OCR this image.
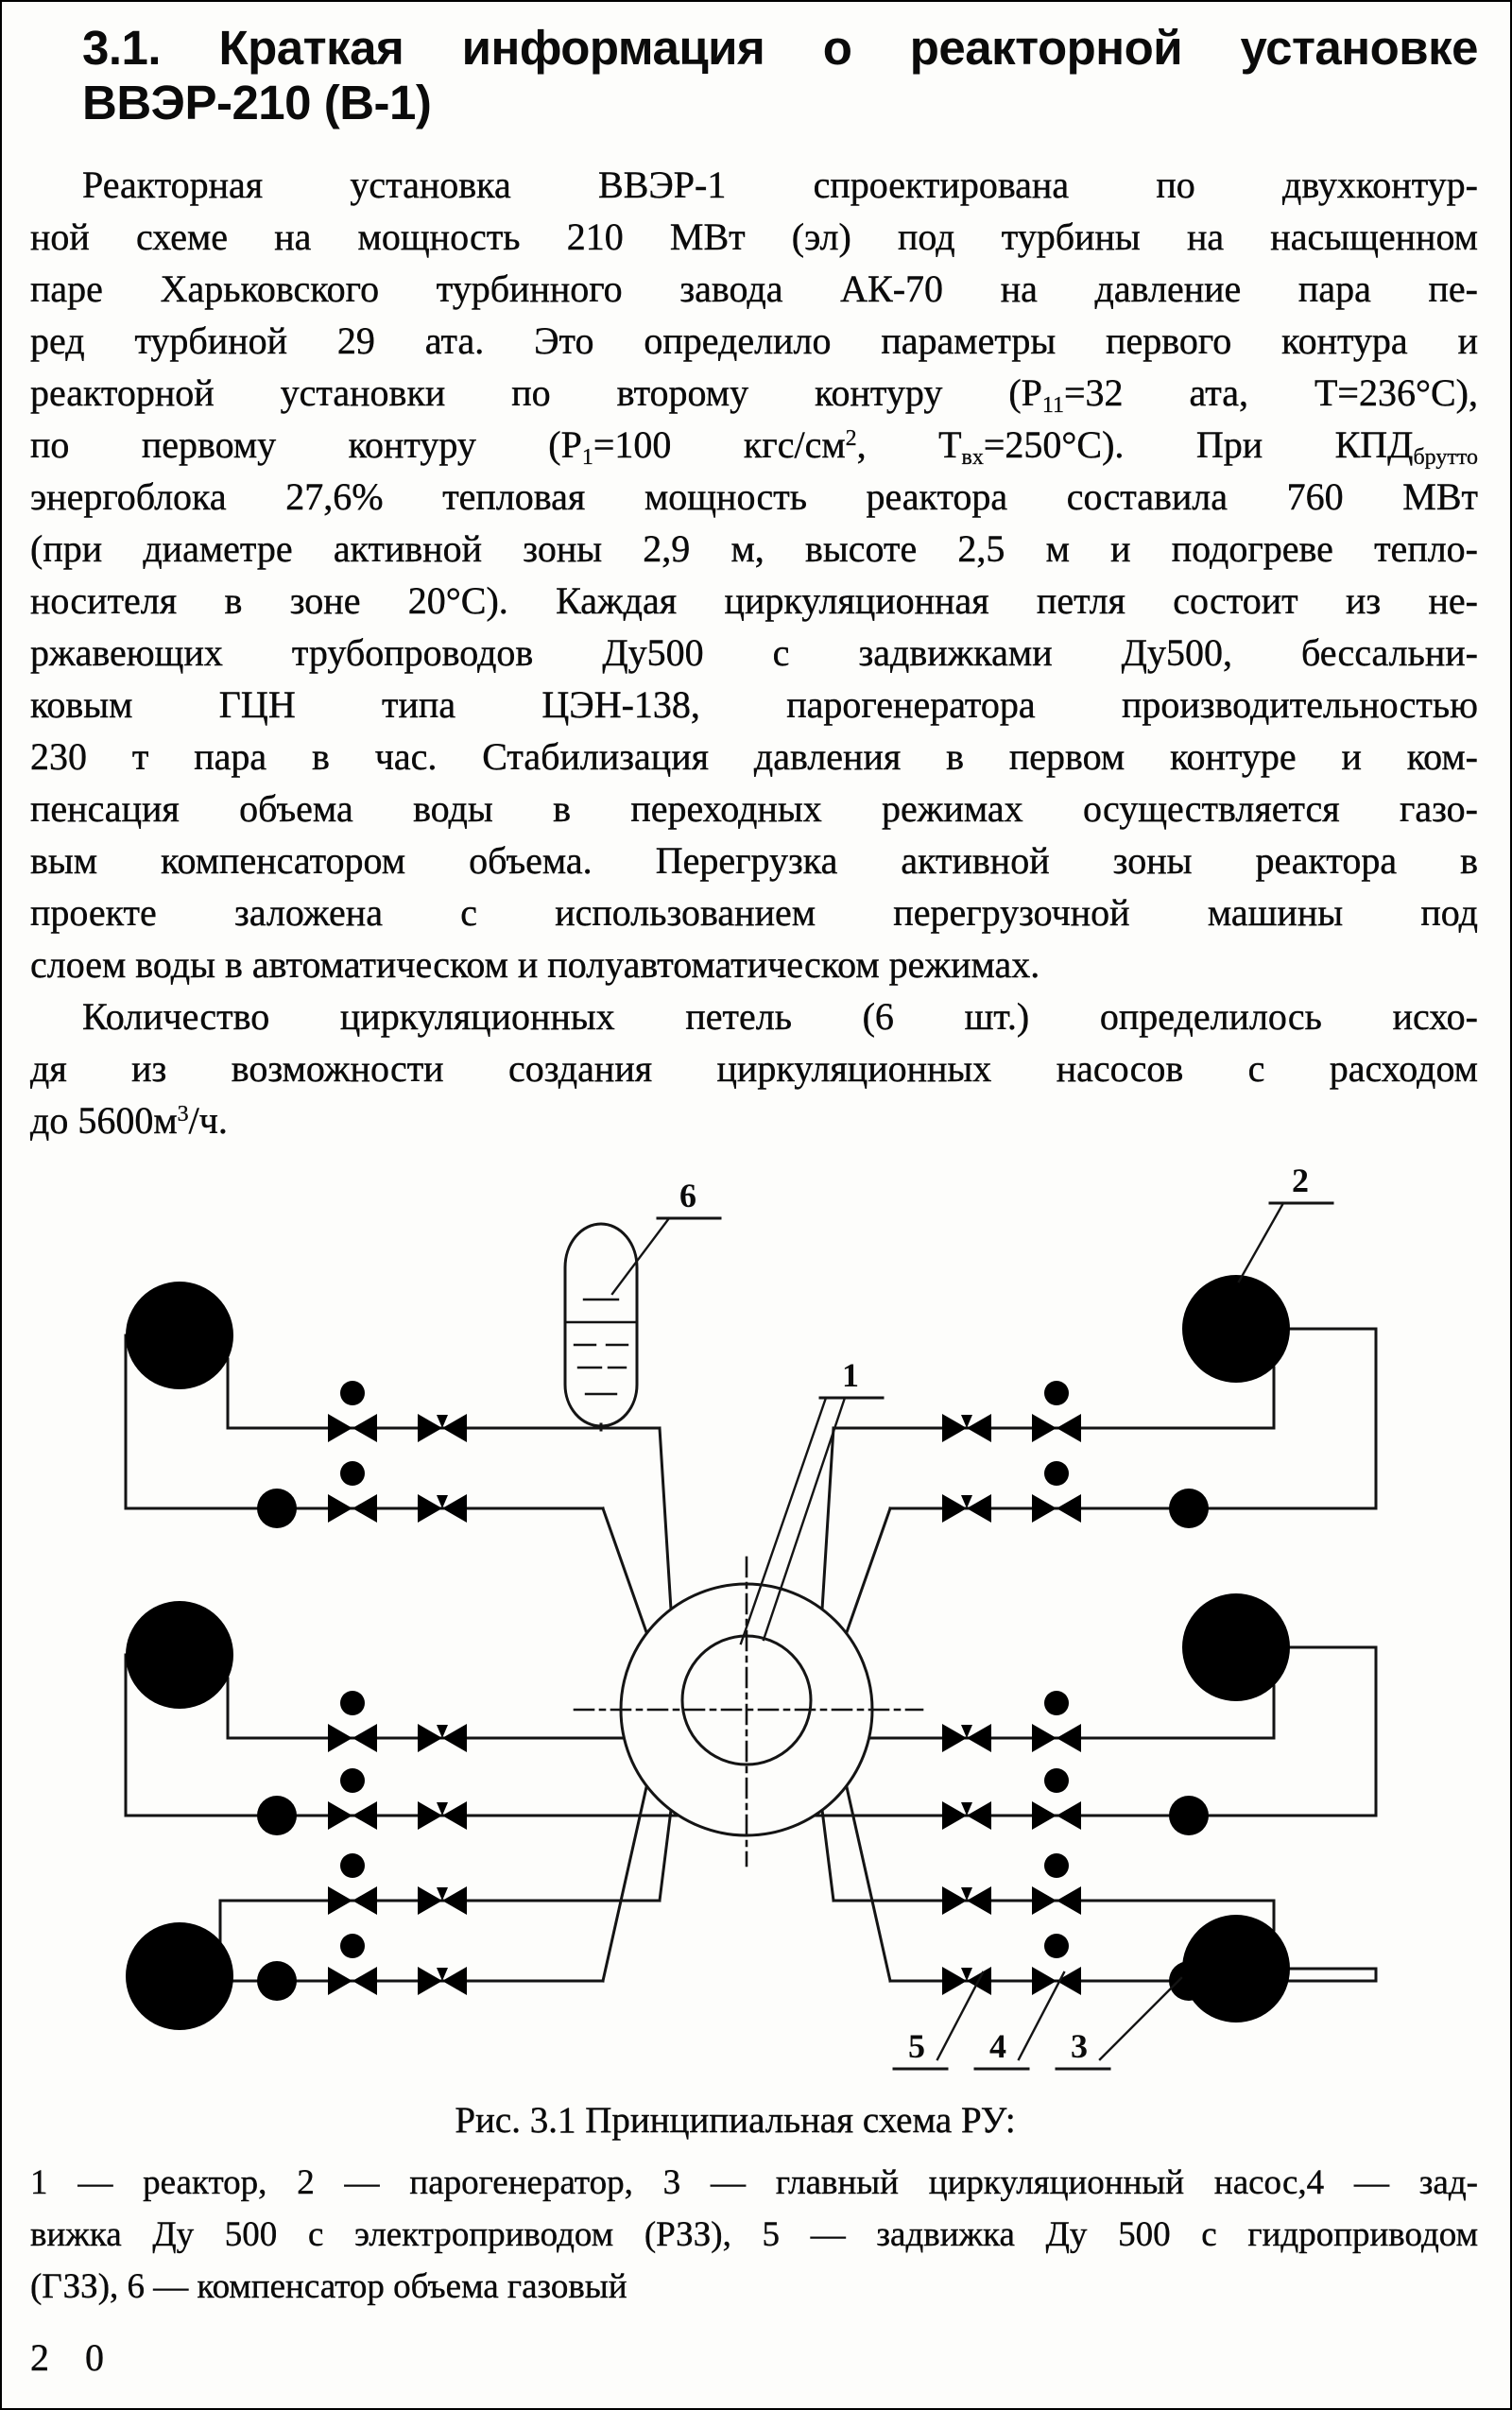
3.1. Краткая информация о реакторной установке
ВВЭР-210 (В-1)
Реакторная установка ВВЭР-1 спроектирована по двухконтур-
ной схеме на мощность 210 МВт (эл) под турбины на насыщенном
паре Харьковского турбинного завода АК-70 на давление пара пе-
ред турбиной 29 ата. Это определило параметры первого контура и
реакторной установки по второму контуру ($Р_{11}=32$ ата, Т=236°С),
по первому контуру ($Р_1=100$ кгс/$см^2$, $Т_{вх}=250^\circ С$). При $КПД_{брутто}$
энергоблока 27,6% тепловая мощность реактора составила 760 МВт
(при диаметре активной зоны 2,9 м, высоте 2,5 м и подогреве тепло-
носителя в зоне 20°С). Каждая циркуляционная петля состоит из не-
ржавеющих трубопроводов Ду500 с задвижками Ду500, бессальни-
ковым ГЦН типа ЦЭН-138, парогенератора производительностью
230 т пара в час. Стабилизация давления в первом контуре и ком-
пенсация объема воды в переходных режимах осуществляется газо-
вым компенсатором объема. Перегрузка активной зоны реактора в
проекте заложена с использованием перегрузочной машины под
слоем воды в автоматическом и полуавтоматическом режимах.
Количество циркуляционных петель (6 шт.) определилось исхо-
дя из возможности создания циркуляционных насосов с расходом
до $5600м^3/ч$.
6	2
1
5 4 3
Рис. 3.1 Принципиальная схема РУ:
1 — реактор, 2 — парогенератор, 3 — главный циркуляционный насос,4 — зад-
вижка Ду 500 с электроприводом (РЗЗ), 5 — задвижка Ду 500 с гидроприводом
(ГЗЗ), 6 — компенсатор объема газовый
2 0
